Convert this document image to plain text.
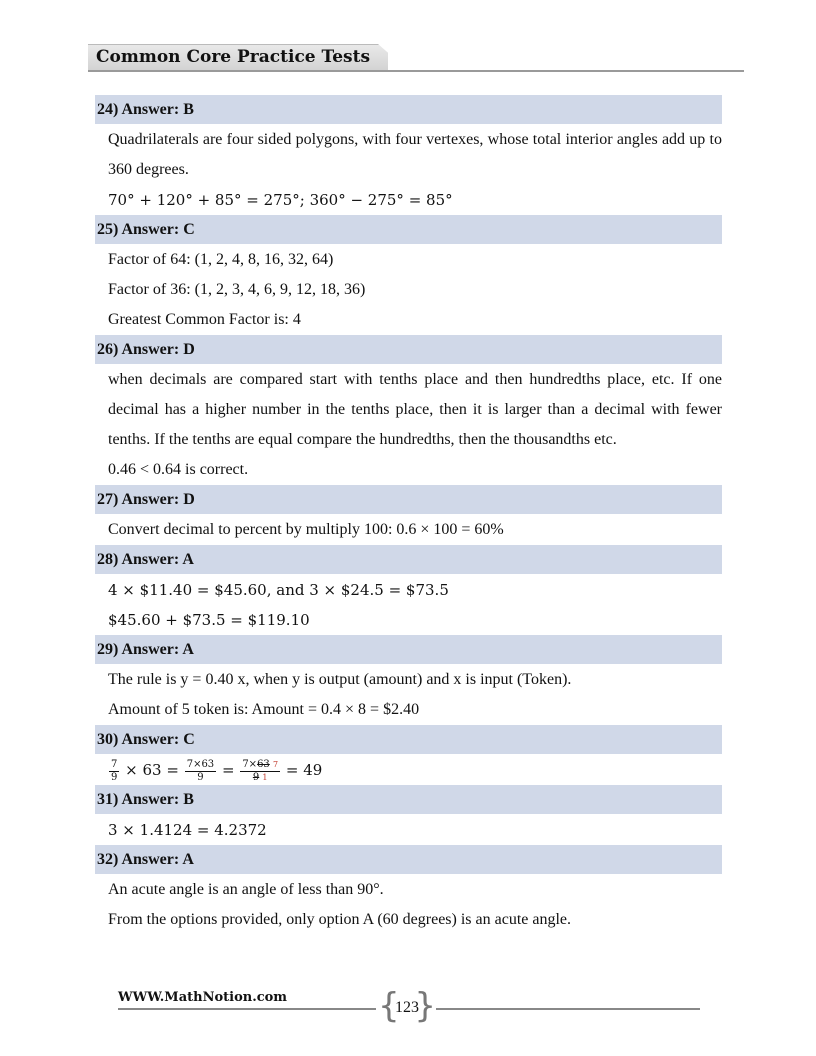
Common Core Practice Tests
24) Answer: B
Quadrilaterals are four sided polygons, with four vertexes, whose total interior angles add up to 360 degrees.
70° + 120° + 85° = 275°; 360° − 275° = 85°
25) Answer: C
Factor of 64: (1, 2, 4, 8, 16, 32, 64)
Factor of 36: (1, 2, 3, 4, 6, 9, 12, 18, 36)
Greatest Common Factor is: 4
26) Answer: D
when decimals are compared start with tenths place and then hundredths place, etc. If one decimal has a higher number in the tenths place, then it is larger than a decimal with fewer tenths. If the tenths are equal compare the hundredths, then the thousandths etc.
0.46 < 0.64 is correct.
27) Answer: D
Convert decimal to percent by multiply 100: 0.6 × 100 = 60%
28) Answer: A
4 × $11.40 = $45.60, and 3 × $24.5 = $73.5
$45.60 + $73.5 = $119.10
29) Answer: A
The rule is y = 0.40 x, when y is output (amount) and x is input (Token).
Amount of 5 token is: Amount = 0.4 × 8 = $2.40
30) Answer: C
$\frac{7}{9} \times 63 = \frac{7\times 63}{9} = \frac{7\times 63 7}{9 1} = 49$
31) Answer: B
3 × 1.4124 = 4.2372
32) Answer: A
An acute angle is an angle of less than 90°.
From the options provided, only option A (60 degrees) is an acute angle.
WWW.MathNotion.com	{
123
}
